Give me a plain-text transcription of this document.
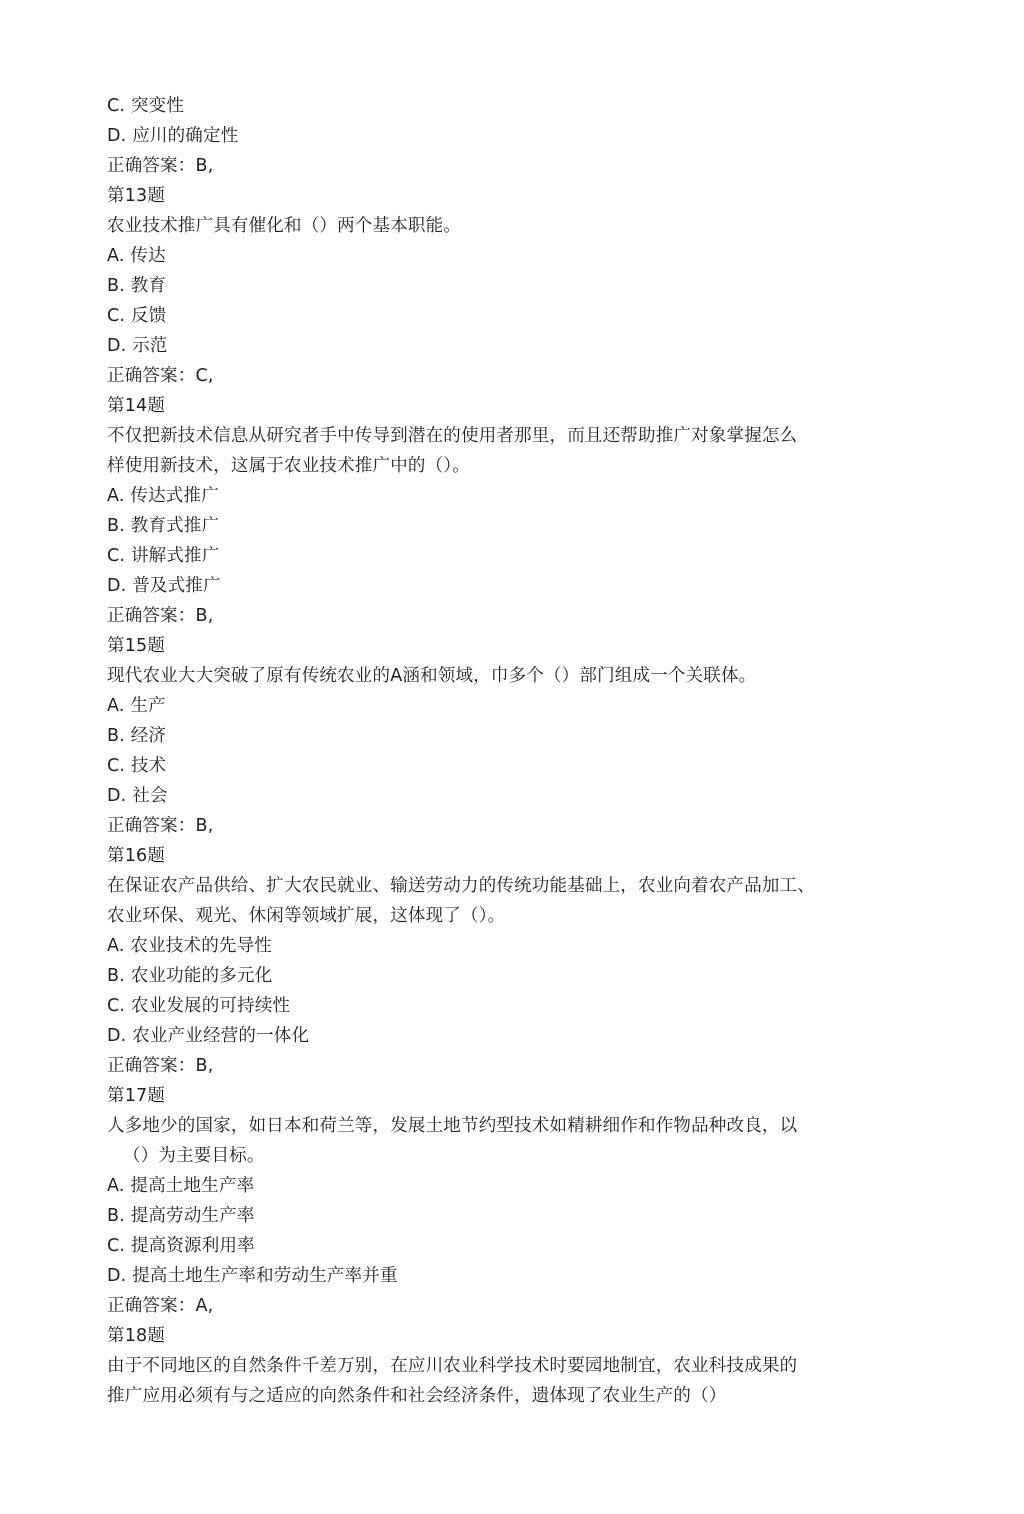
C. 突变性
D. 应川的确定性
正确答案：B,
第13题
农业技术推广具有催化和（）两个基本职能。
A. 传达
B. 教育
C. 反馈
D. 示范
正确答案：C,
第14题
不仅把新技术信息从研究者手中传导到潜在的使用者那里，而且还帮助推广对象掌握怎么
样使用新技术，这属于农业技术推广中的（）。
A. 传达式推广
B. 教育式推广
C. 讲解式推广
D. 普及式推广
正确答案：B,
第15题
现代农业大大突破了原有传统农业的A涵和领域，巾多个（）部门组成一个关联体。
A. 生产
B. 经济
C. 技术
D. 社会
正确答案：B,
第16题
在保证农产品供给、扩大农民就业、输送劳动力的传统功能基础上，农业向着农产品加工、
农业环保、观光、休闲等领域扩展，这体现了（）。
A. 农业技术的先导性
B. 农业功能的多元化
C. 农业发展的可持续性
D. 农业产业经营的一体化
正确答案：B,
第17题
人多地少的国家，如日本和荷兰等，发展土地节约型技术如精耕细作和作物品种改良，以
（）为主要目标。
A. 提高土地生产率
B. 提高劳动生产率
C. 提高资源利用率
D. 提高土地生产率和劳动生产率并重
正确答案：A,
第18题
由于不同地区的自然条件千差万别，在应川农业科学技术时要园地制宜，农业科技成果的
推广应用必须有与之适应的向然条件和社会经济条件，遗体现了农业生产的（）
